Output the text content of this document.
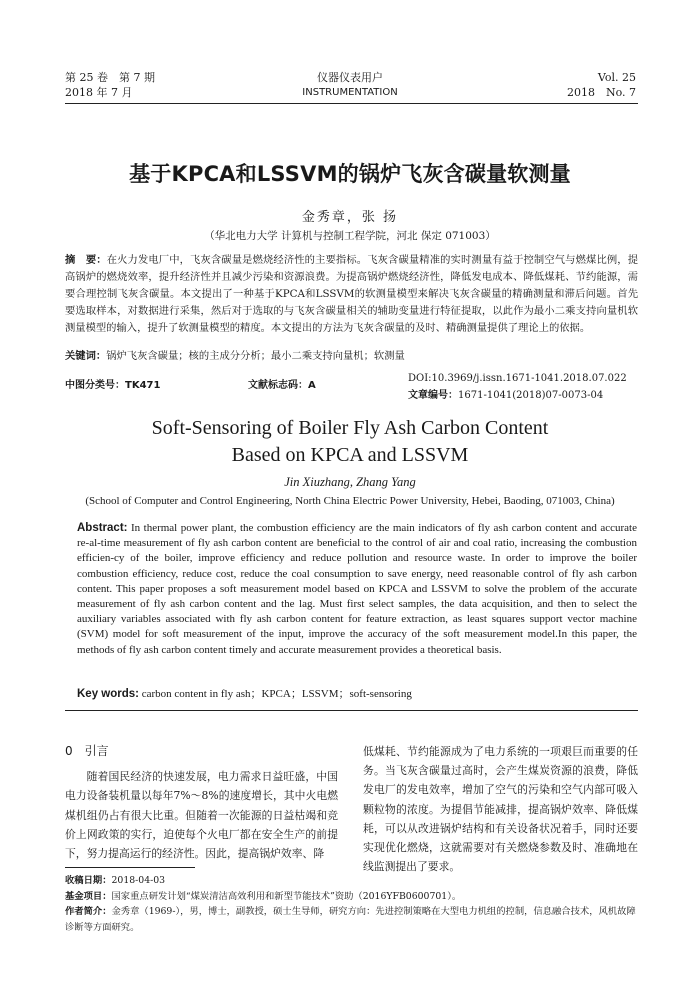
第 25 卷　第 7 期
2018 年 7 月
仪器仪表用户
INSTRUMENTATION
Vol. 25
2018　No. 7
基于KPCA和LSSVM的锅炉飞灰含碳量软测量
金秀章，张 扬
（华北电力大学 计算机与控制工程学院，河北 保定 071003）
摘　要：在火力发电厂中，飞灰含碳量是燃烧经济性的主要指标。飞灰含碳量精准的实时测量有益于控制空气与燃煤比例，提高锅炉的燃烧效率，提升经济性并且减少污染和资源浪费。为提高锅炉燃烧经济性，降低发电成本、降低煤耗、节约能源，需要合理控制飞灰含碳量。本文提出了一种基于KPCA和LSSVM的软测量模型来解决飞灰含碳量的精确测量和滞后问题。首先要选取样本，对数据进行采集，然后对于选取的与飞灰含碳量相关的辅助变量进行特征提取，以此作为最小二乘支持向量机软测量模型的输入，提升了软测量模型的精度。本文提出的方法为飞灰含碳量的及时、精确测量提供了理论上的依据。
关键词：锅炉飞灰含碳量；核的主成分分析；最小二乘支持向量机；软测量
中图分类号：TK471	文献标志码：A
DOI:10.3969/j.issn.1671-1041.2018.07.022
文章编号：1671-1041(2018)07-0073-04
Soft-Sensoring of Boiler Fly Ash Carbon Content
Based on KPCA and LSSVM
Jin Xiuzhang, Zhang Yang
(School of Computer and Control Engineering, North China Electric Power University, Hebei, Baoding, 071003, China)
Abstract: In thermal power plant, the combustion efficiency are the main indicators of fly ash carbon content and accurate re-al-time measurement of fly ash carbon content are beneficial to the control of air and coal ratio, increasing the combustion efficien-cy of the boiler, improve efficiency and reduce pollution and resource waste. In order to improve the boiler combustion efficiency, reduce cost, reduce the coal consumption to save energy, need reasonable control of fly ash carbon content. This paper proposes a soft measurement model based on KPCA and LSSVM to solve the problem of the accurate measurement of fly ash carbon content and the lag. Must first select samples, the data acquisition, and then to select the auxiliary variables associated with fly ash carbon content for feature extraction, as least squares support vector machine (SVM) model for soft measurement of the input, improve the accuracy of the soft measurement model.In this paper, the methods of fly ash carbon content timely and accurate measurement provides a theoretical basis.
Key words: carbon content in fly ash；KPCA；LSSVM；soft-sensoring
0 引言

随着国民经济的快速发展，电力需求日益旺盛，中国电力设备装机量以每年7%～8%的速度增长，其中火电燃煤机组仍占有很大比重。但随着一次能源的日益枯竭和竞价上网政策的实行，迫使每个火电厂都在安全生产的前提下，努力提高运行的经济性。因此，提高锅炉效率、降

低煤耗、节约能源成为了电力系统的一项艰巨而重要的任务。当飞灰含碳量过高时，会产生煤炭资源的浪费，降低发电厂的发电效率，增加了空气的污染和空气内部可吸入颗粒物的浓度。为提倡节能减排，提高锅炉效率、降低煤耗，可以从改进锅炉结构和有关设备状况着手，同时还要实现优化燃烧，这就需要对有关燃烧参数及时、准确地在线监测提出了要求。

收稿日期：2018-04-03

基金项目：国家重点研发计划“煤炭清洁高效利用和新型节能技术”资助（2016YFB0600701）。

作者简介：金秀章（1969-），男，博士，副教授，硕士生导师，研究方向：先进控制策略在大型电力机组的控制，信息融合技术，风机故障诊断等方面研究。
